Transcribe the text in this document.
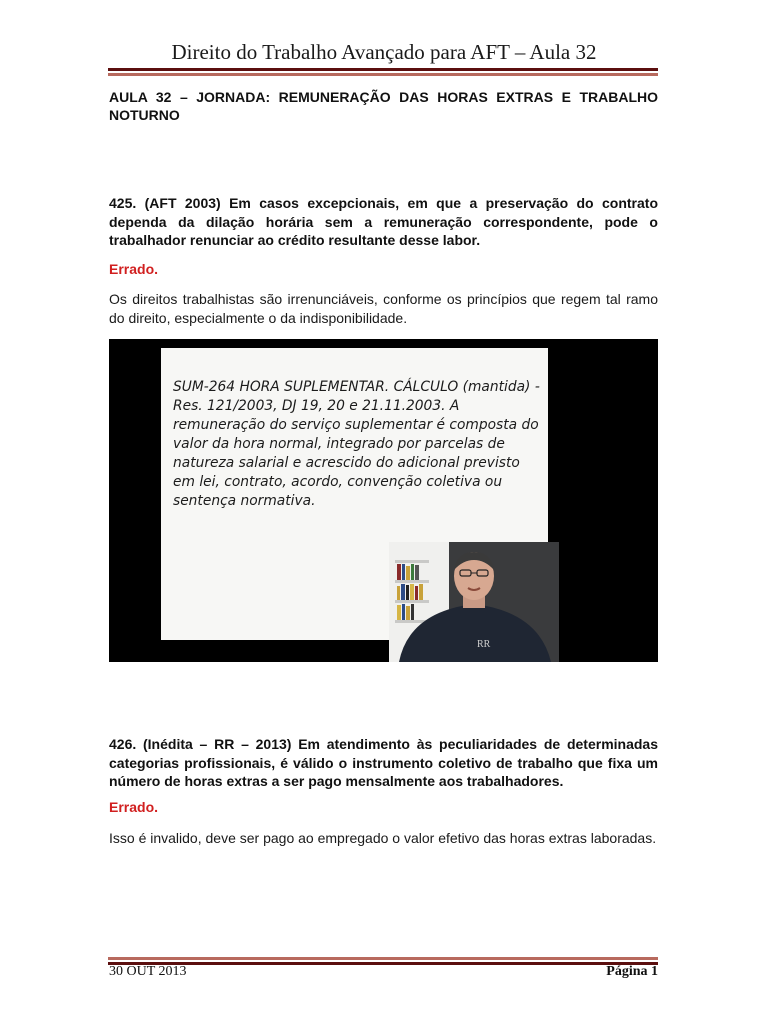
Direito do Trabalho Avançado para AFT – Aula 32
AULA 32 – JORNADA: REMUNERAÇÃO DAS HORAS EXTRAS E TRABALHO NOTURNO
425. (AFT 2003) Em casos excepcionais, em que a preservação do contrato dependa da dilação horária sem a remuneração correspondente, pode o trabalhador renunciar ao crédito resultante desse labor.
Errado.
Os direitos trabalhistas são irrenunciáveis, conforme os princípios que regem tal ramo do direito, especialmente o da indisponibilidade.
SUM-264 HORA SUPLEMENTAR. CÁLCULO (mantida) - Res. 121/2003, DJ 19, 20 e 21.11.2003. A remuneração do serviço suplementar é composta do valor da hora normal, integrado por parcelas de natureza salarial e acrescido do adicional previsto em lei, contrato, acordo, convenção coletiva ou sentença normativa.
RR
426. (Inédita – RR – 2013) Em atendimento às peculiaridades de determinadas categorias profissionais, é válido o instrumento coletivo de trabalho que fixa um número de horas extras a ser pago mensalmente aos trabalhadores.
Errado.
Isso é invalido, deve ser pago ao empregado o valor efetivo das horas extras laboradas.
30 OUT 2013	Página 1
